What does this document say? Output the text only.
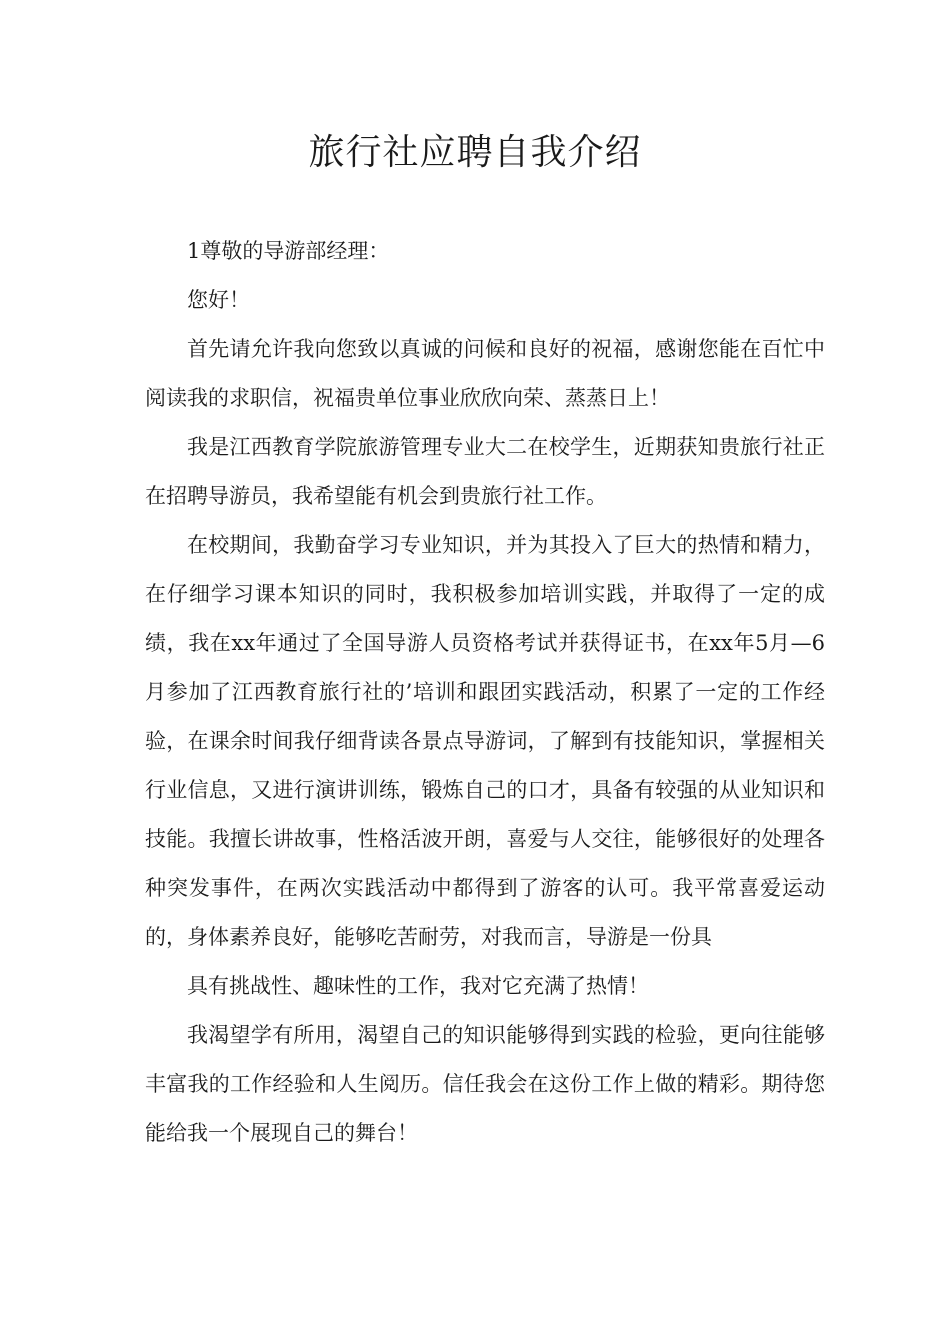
旅行社应聘自我介绍

1尊敬的导游部经理：

您好！

首先请允许我向您致以真诚的问候和良好的祝福，感谢您能在百忙中阅读我的求职信，祝福贵单位事业欣欣向荣、蒸蒸日上！

我是江西教育学院旅游管理专业大二在校学生，近期获知贵旅行社正在招聘导游员，我希望能有机会到贵旅行社工作。

在校期间，我勤奋学习专业知识，并为其投入了巨大的热情和精力，在仔细学习课本知识的同时，我积极参加培训实践，并取得了一定的成绩，我在xx年通过了全国导游人员资格考试并获得证书，在xx年5月—6月参加了江西教育旅行社的’培训和跟团实践活动，积累了一定的工作经验，在课余时间我仔细背读各景点导游词，了解到有技能知识，掌握相关行业信息，又进行演讲训练，锻炼自己的口才，具备有较强的从业知识和技能。我擅长讲故事，性格活波开朗，喜爱与人交往，能够很好的处理各种突发事件，在两次实践活动中都得到了游客的认可。我平常喜爱运动的，身体素养良好，能够吃苦耐劳，对我而言，导游是一份具

具有挑战性、趣味性的工作，我对它充满了热情！

我渴望学有所用，渴望自己的知识能够得到实践的检验，更向往能够丰富我的工作经验和人生阅历。信任我会在这份工作上做的精彩。期待您能给我一个展现自己的舞台！
